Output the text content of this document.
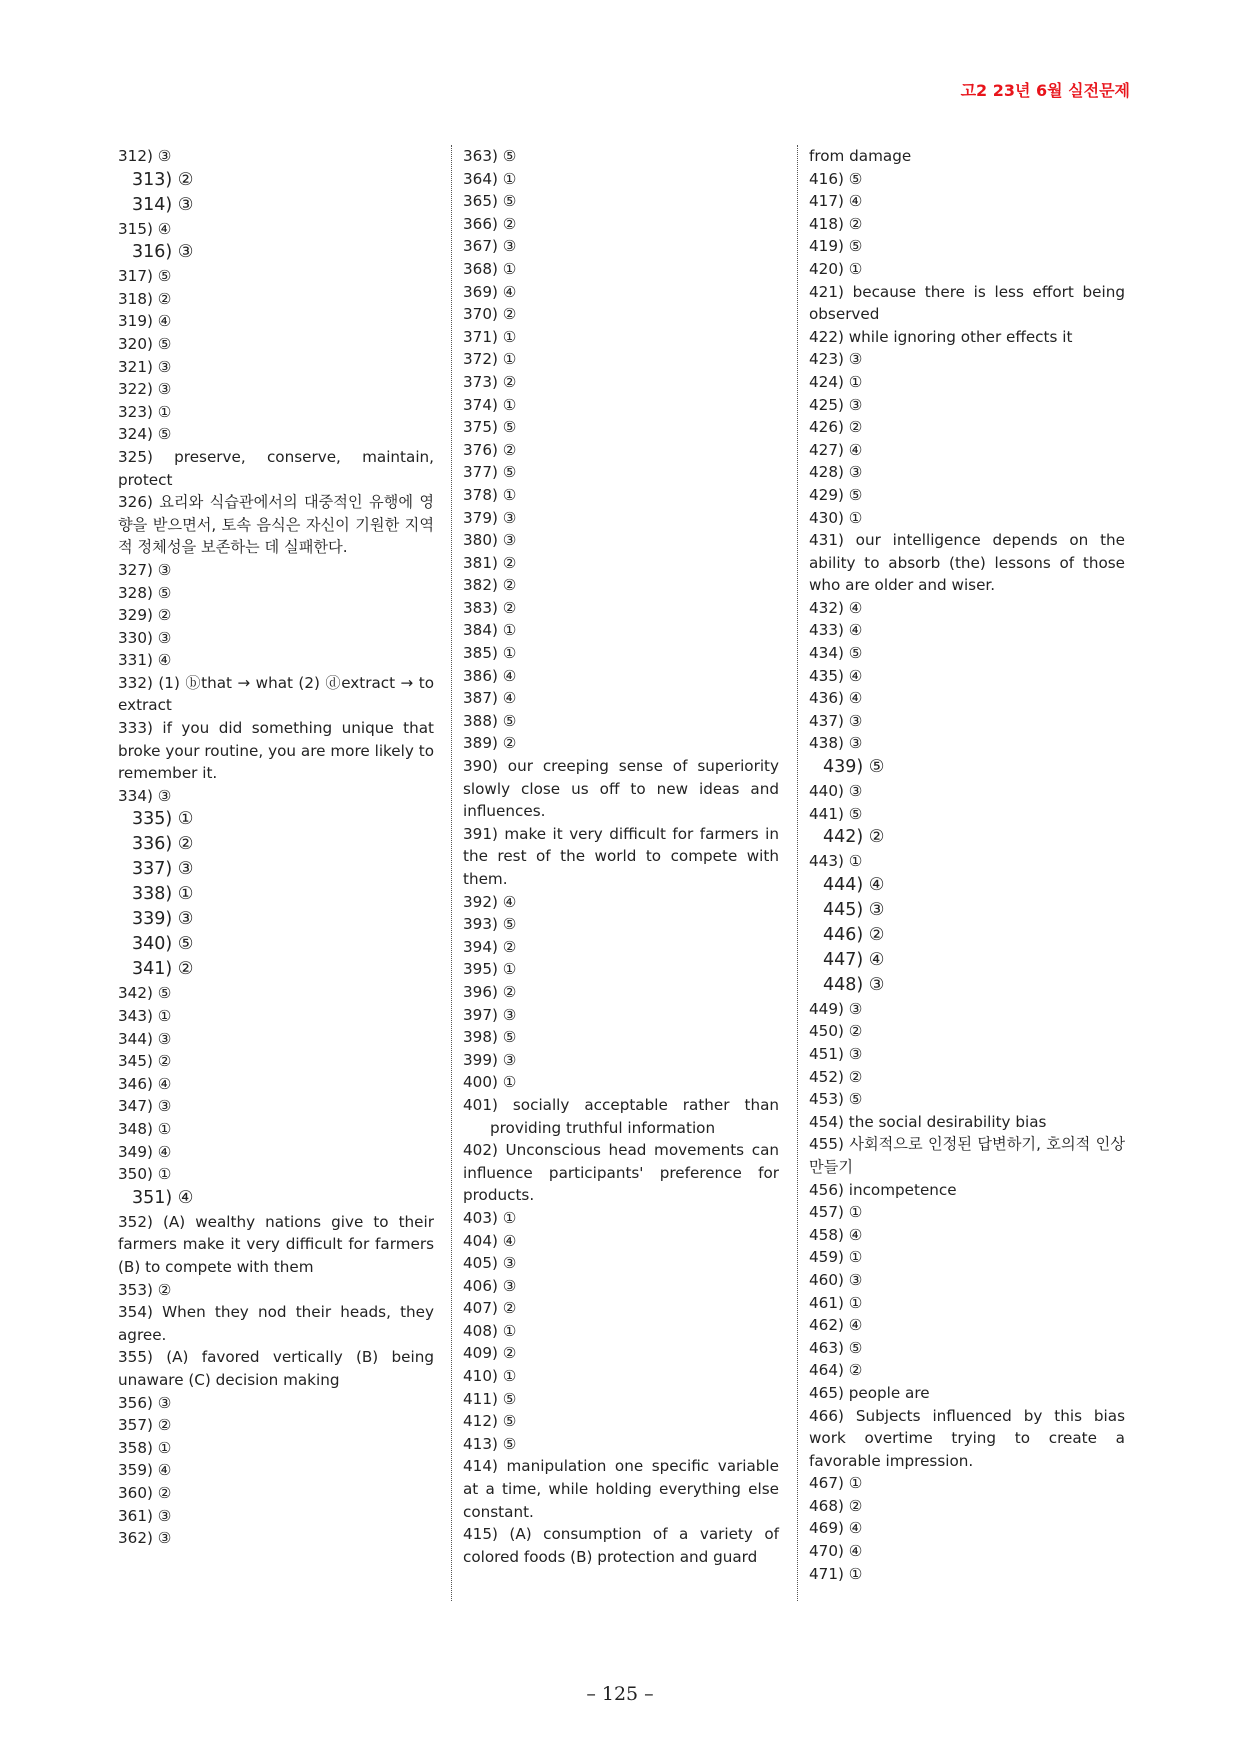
고2 23년 6월 실전문제
312) ③
313) ②
314) ③
315) ④
316) ③
317) ⑤
318) ②
319) ④
320) ⑤
321) ③
322) ③
323) ①
324) ⑤
325) preserve, conserve, maintain, protect
326) 요리와 식습관에서의 대중적인 유행에 영향을 받으면서, 토속 음식은 자신이 기원한 지역적 정체성을 보존하는 데 실패한다.
327) ③
328) ⑤
329) ②
330) ③
331) ④
332) (1) ⓑthat → what (2) ⓓextract → to extract
333) if you did something unique that broke your routine, you are more likely to remember it.
334) ③
335) ①
336) ②
337) ③
338) ①
339) ③
340) ⑤
341) ②
342) ⑤
343) ①
344) ③
345) ②
346) ④
347) ③
348) ①
349) ④
350) ①
351) ④
352) (A) wealthy nations give to their farmers make it very difficult for farmers (B) to compete with them
353) ②
354) When they nod their heads, they agree.
355) (A) favored vertically (B) being unaware (C) decision making
356) ③
357) ②
358) ①
359) ④
360) ②
361) ③
362) ③
363) ⑤
364) ①
365) ⑤
366) ②
367) ③
368) ①
369) ④
370) ②
371) ①
372) ①
373) ②
374) ①
375) ⑤
376) ②
377) ⑤
378) ①
379) ③
380) ③
381) ②
382) ②
383) ②
384) ①
385) ①
386) ④
387) ④
388) ⑤
389) ②
390) our creeping sense of superiority slowly close us off to new ideas and influences.
391) make it very difficult for farmers in the rest of the world to compete with them.
392) ④
393) ⑤
394) ②
395) ①
396) ②
397) ③
398) ⑤
399) ③
400) ①
401) socially acceptable rather than providing truthful information
402) Unconscious head movements can influence participants' preference for products.
403) ①
404) ④
405) ③
406) ③
407) ②
408) ①
409) ②
410) ①
411) ⑤
412) ⑤
413) ⑤
414) manipulation one specific variable at a time, while holding everything else constant.
415) (A) consumption of a variety of colored foods (B) protection and guard
from damage
416) ⑤
417) ④
418) ②
419) ⑤
420) ①
421) because there is less effort being observed
422) while ignoring other effects it
423) ③
424) ①
425) ③
426) ②
427) ④
428) ③
429) ⑤
430) ①
431) our intelligence depends on the ability to absorb (the) lessons of those who are older and wiser.
432) ④
433) ④
434) ⑤
435) ④
436) ④
437) ③
438) ③
439) ⑤
440) ③
441) ⑤
442) ②
443) ①
444) ④
445) ③
446) ②
447) ④
448) ③
449) ③
450) ②
451) ③
452) ②
453) ⑤
454) the social desirability bias
455) 사회적으로 인정된 답변하기, 호의적 인상 만들기
456) incompetence
457) ①
458) ④
459) ①
460) ③
461) ①
462) ④
463) ⑤
464) ②
465) people are
466) Subjects influenced by this bias work overtime trying to create a favorable impression.
467) ①
468) ②
469) ④
470) ④
471) ①
– 125 –
